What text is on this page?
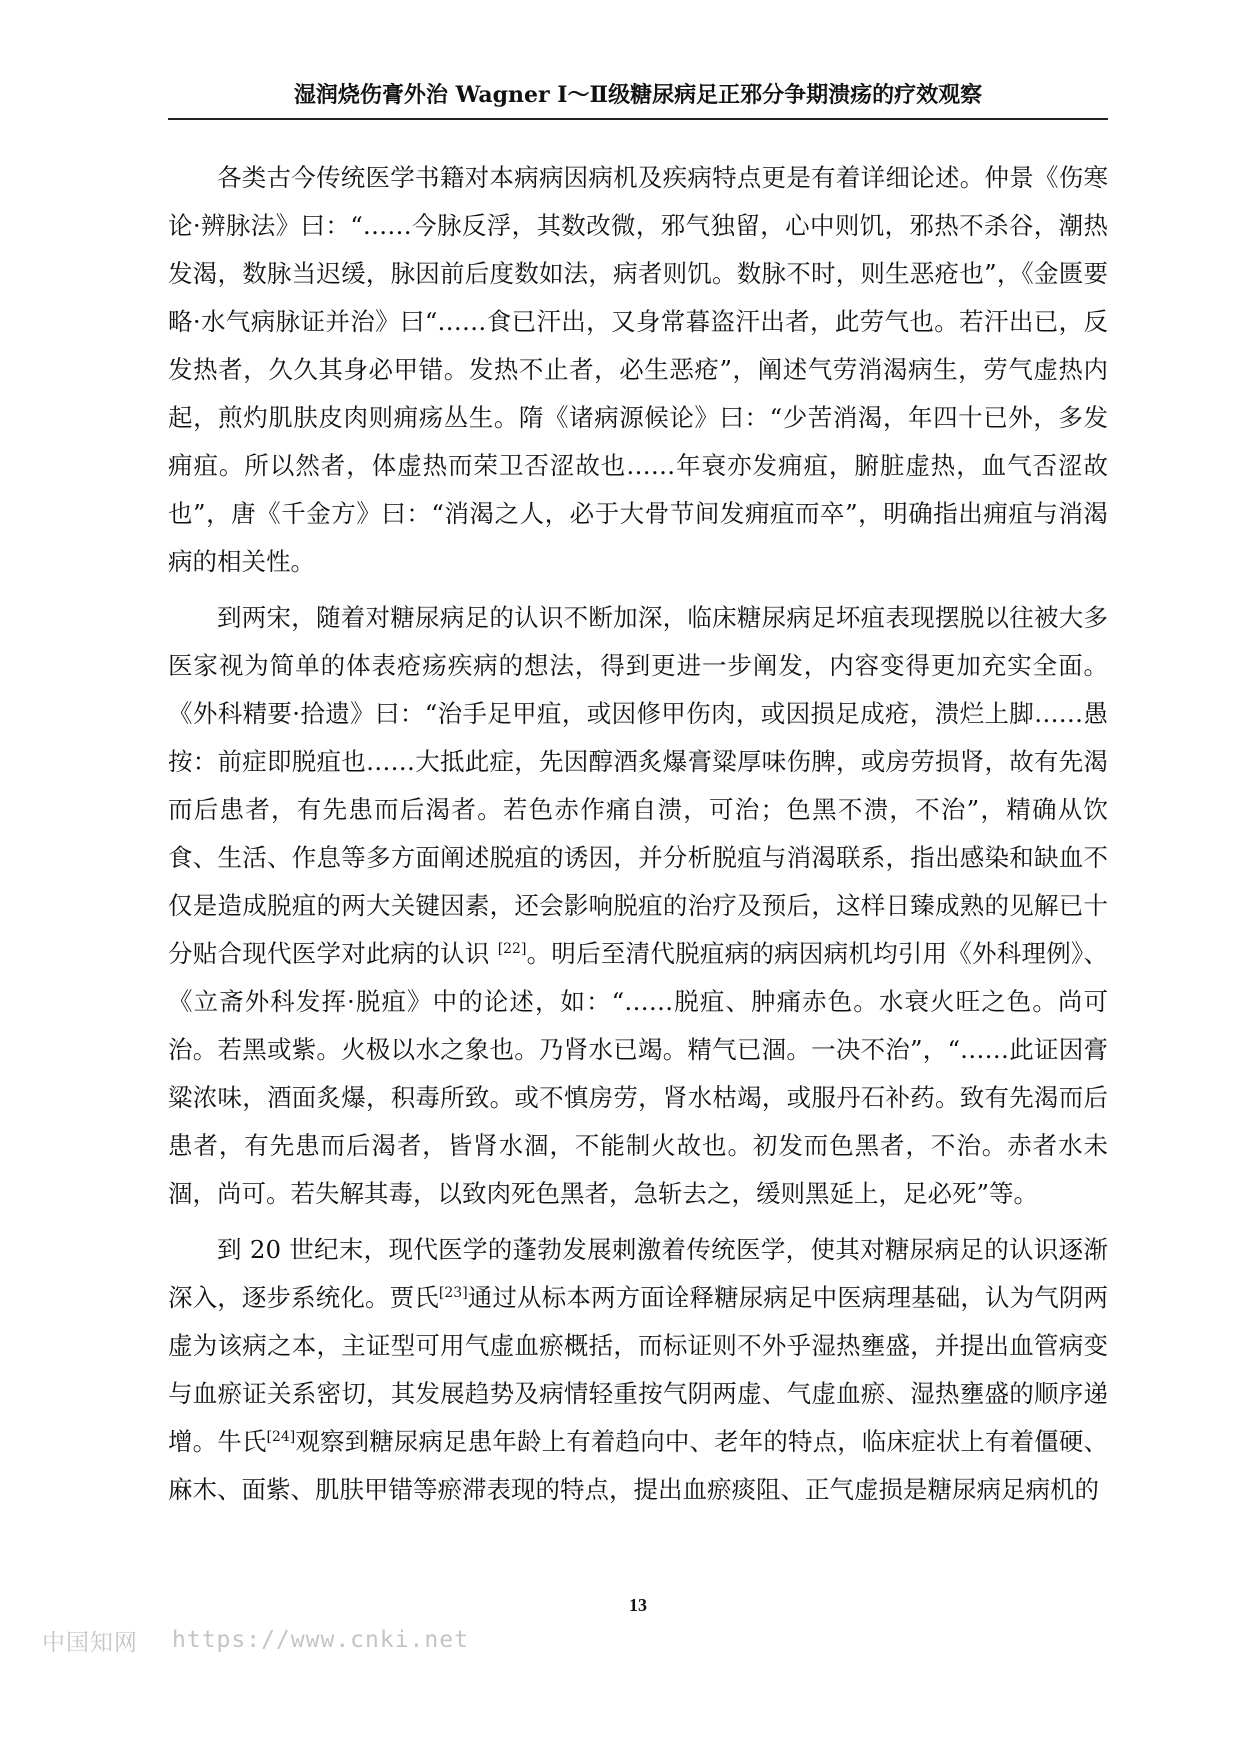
湿润烧伤膏外治 Wagner Ⅰ～Ⅱ级糖尿病足正邪分争期溃疡的疗效观察

各类古今传统医学书籍对本病病因病机及疾病特点更是有着详细论述。仲景《伤寒论·辨脉法》曰：“……今脉反浮，其数改微，邪气独留，心中则饥，邪热不杀谷，潮热发渴，数脉当迟缓，脉因前后度数如法，病者则饥。数脉不时，则生恶疮也”，《金匮要略·水气病脉证并治》曰“……食已汗出，又身常暮盗汗出者，此劳气也。若汗出已，反发热者，久久其身必甲错。发热不止者，必生恶疮”，阐述气劳消渴病生，劳气虚热内起，煎灼肌肤皮肉则痈疡丛生。隋《诸病源候论》曰：“少苦消渴，年四十已外，多发痈疽。所以然者，体虚热而荣卫否涩故也……年衰亦发痈疽，腑脏虚热，血气否涩故也”，唐《千金方》曰：“消渴之人，必于大骨节间发痈疽而卒”，明确指出痈疽与消渴病的相关性。

到两宋，随着对糖尿病足的认识不断加深，临床糖尿病足坏疽表现摆脱以往被大多医家视为简单的体表疮疡疾病的想法，得到更进一步阐发，内容变得更加充实全面。《外科精要·拾遗》曰：“治手足甲疽，或因修甲伤肉，或因损足成疮，溃烂上脚……愚按：前症即脱疽也……大抵此症，先因醇酒炙爆膏粱厚味伤脾，或房劳损肾，故有先渴而后患者，有先患而后渴者。若色赤作痛自溃，可治；色黑不溃，不治”，精确从饮食、生活、作息等多方面阐述脱疽的诱因，并分析脱疽与消渴联系，指出感染和缺血不仅是造成脱疽的两大关键因素，还会影响脱疽的治疗及预后，这样日臻成熟的见解已十分贴合现代医学对此病的认识 [22]。明后至清代脱疽病的病因病机均引用《外科理例》、《立斋外科发挥·脱疽》中的论述，如：“……脱疽、肿痛赤色。水衰火旺之色。尚可治。若黑或紫。火极以水之象也。乃肾水已竭。精气已涸。一决不治”，“……此证因膏粱浓味，酒面炙爆，积毒所致。或不慎房劳，肾水枯竭，或服丹石补药。致有先渴而后患者，有先患而后渴者，皆肾水涸，不能制火故也。初发而色黑者，不治。赤者水未涸，尚可。若失解其毒，以致肉死色黑者，急斩去之，缓则黑延上，足必死”等。

到 20 世纪末，现代医学的蓬勃发展刺激着传统医学，使其对糖尿病足的认识逐渐深入，逐步系统化。贾氏[23]通过从标本两方面诠释糖尿病足中医病理基础，认为气阴两虚为该病之本，主证型可用气虚血瘀概括，而标证则不外乎湿热壅盛，并提出血管病变与血瘀证关系密切，其发展趋势及病情轻重按气阴两虚、气虚血瘀、湿热壅盛的顺序递增。牛氏[24]观察到糖尿病足患年龄上有着趋向中、老年的特点，临床症状上有着僵硬、麻木、面紫、肌肤甲错等瘀滞表现的特点，提出血瘀痰阻、正气虚损是糖尿病足病机的

13
中国知网 https://www.cnki.net
